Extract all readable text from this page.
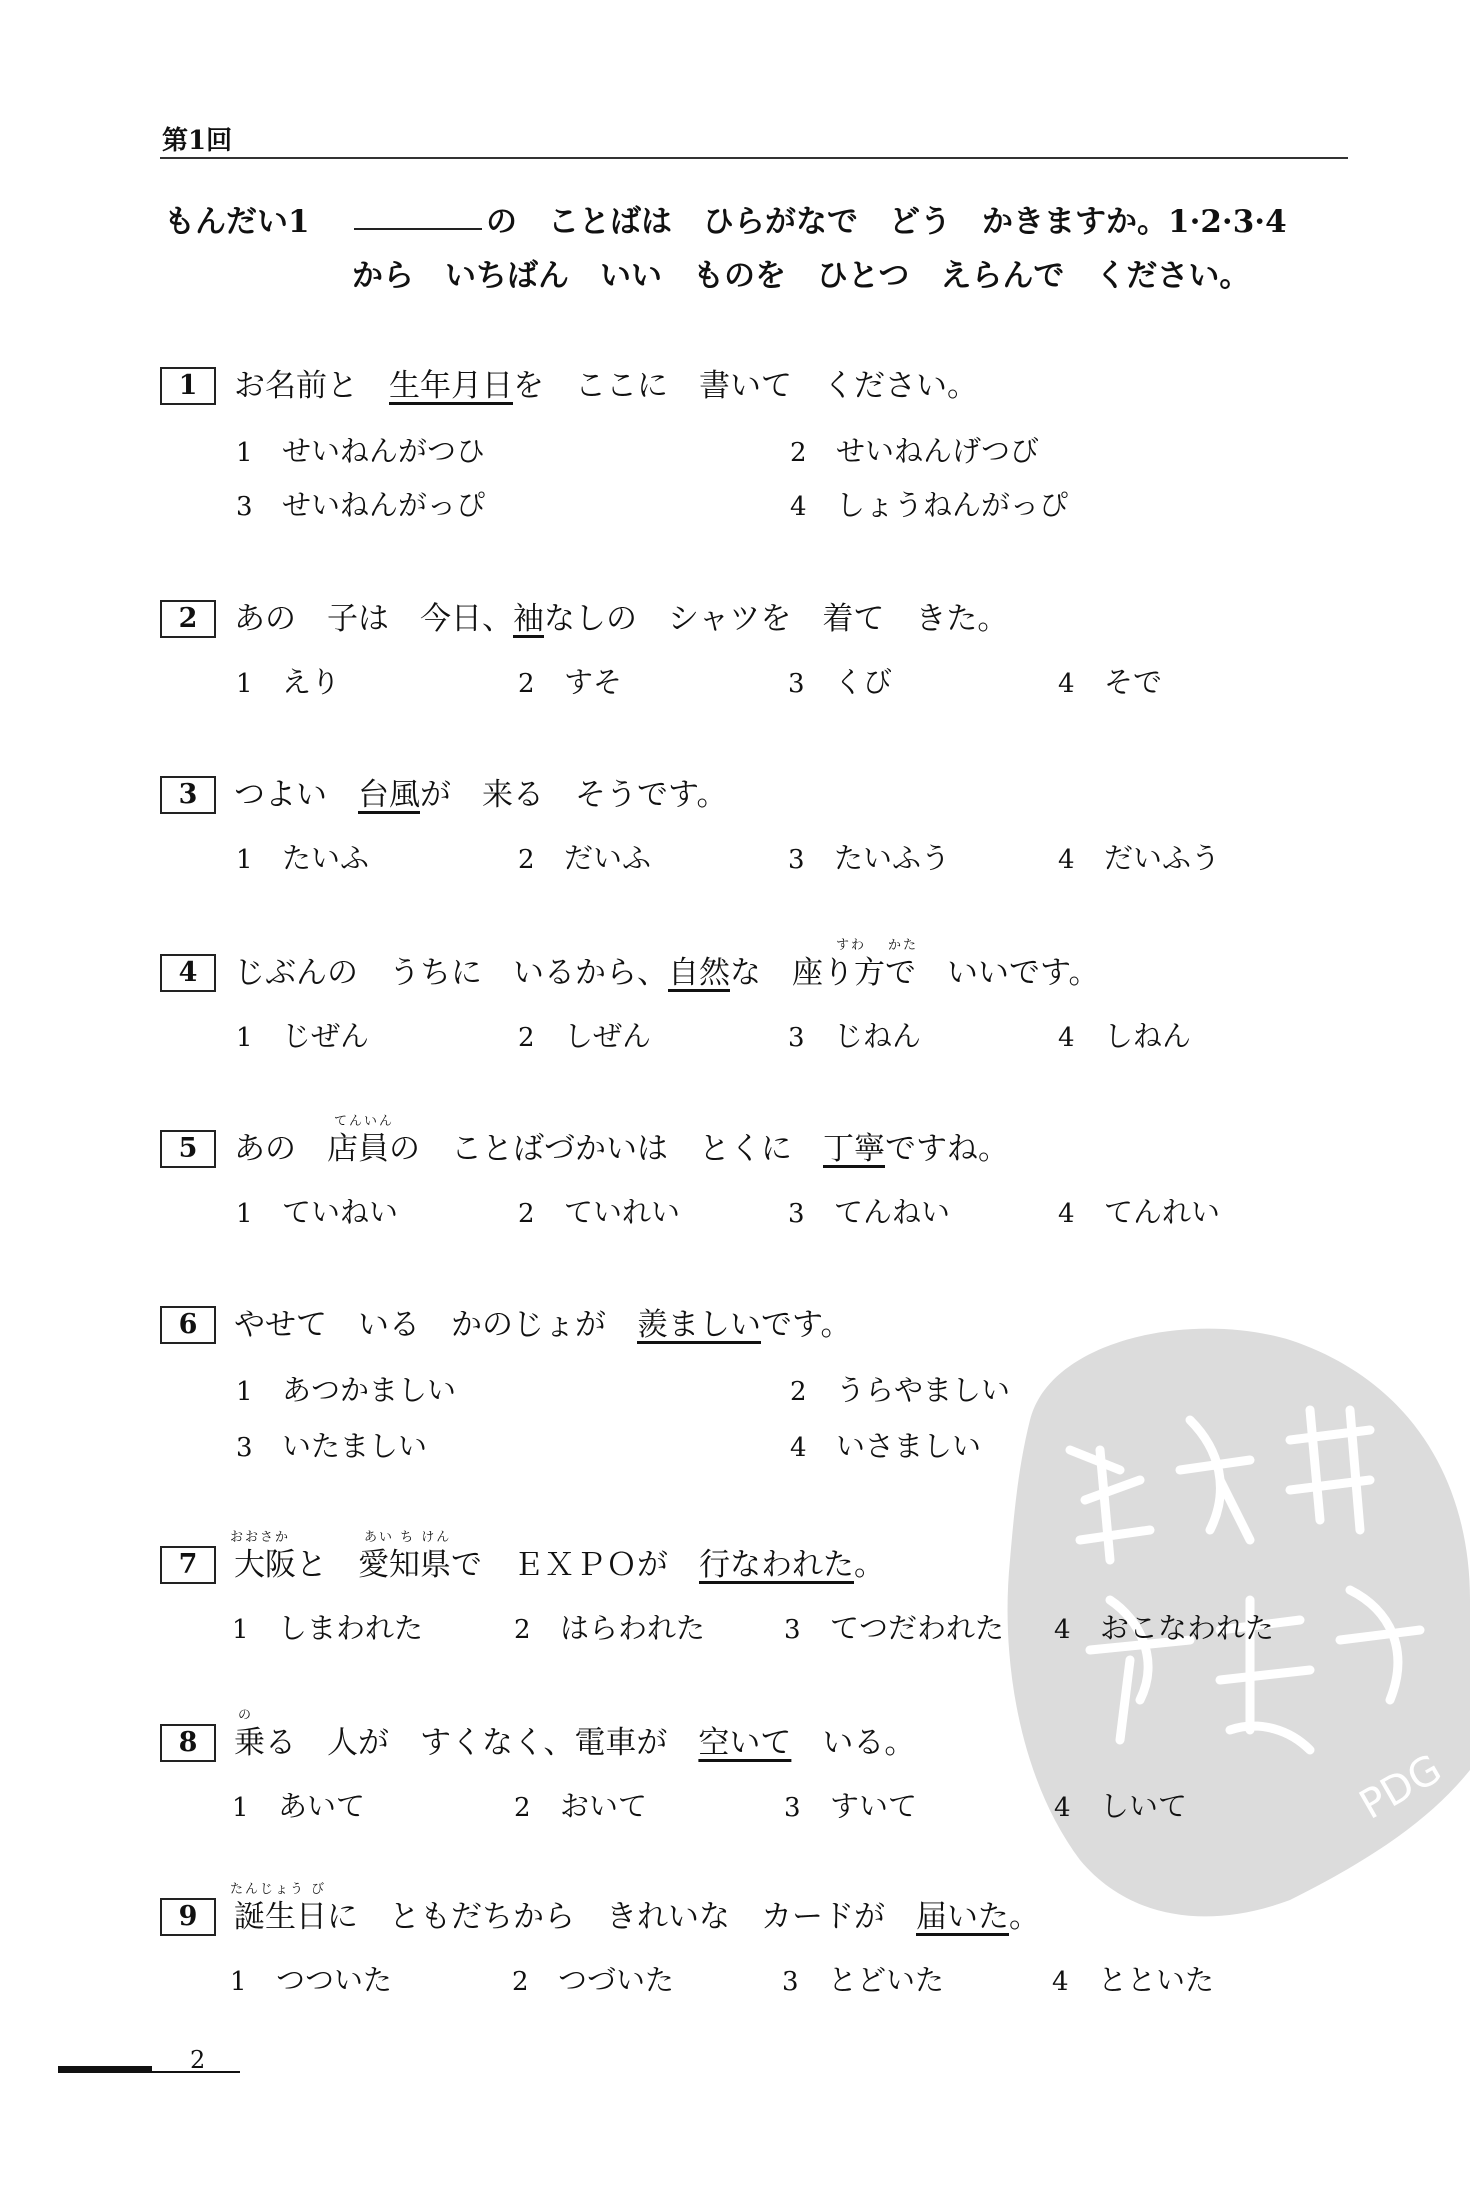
第1回
もんだい1	の　ことばは　ひらがなで　どう　かきますか。1·2·3·4
から　いちばん　いい　ものを　ひとつ　えらんで　ください。
1	お名前と　生年月日を　ここに　書いて　ください。
1 せいねんがつひ	2 せいねんげつび
3 せいねんがっぴ	4 しょうねんがっぴ
2	あの　子は　今日、袖なしの　シャツを　着て　きた。
1 えり	2 すそ	3 くび	4 そで
3	つよい　台風が　来る　そうです。
1 たいふ	2 だいふ	3 たいふう	4 だいふう
すわ かた
4	じぶんの　うちに　いるから、自然な　座り方で　いいです。
1 じぜん	2 しぜん	3 じねん	4 しねん
てんいん
5	あの　店員の　ことばづかいは　とくに　丁寧ですね。
1 ていねい	2 ていれい	3 てんねい	4 てんれい
6	やせて　いる　かのじょが　羨ましいです。
1 あつかましい	2 うらやましい
3 いたましい	4 いさましい
PDG
おおさか	あい ち けん
7	大阪と　愛知県で　ＥＸＰＯが　行なわれた。
1 しまわれた	2 はらわれた	3 てつだわれた 4 おこなわれた
の
8	乗る　人が　すくなく、電車が　空いて　いる。
1 あいて	2 おいて	3 すいて	4 しいて
たんじょう び
9	誕生日に　ともだちから　きれいな　カードが　届いた。
1 つついた	2 つづいた	3 とどいた	4 とといた
2
